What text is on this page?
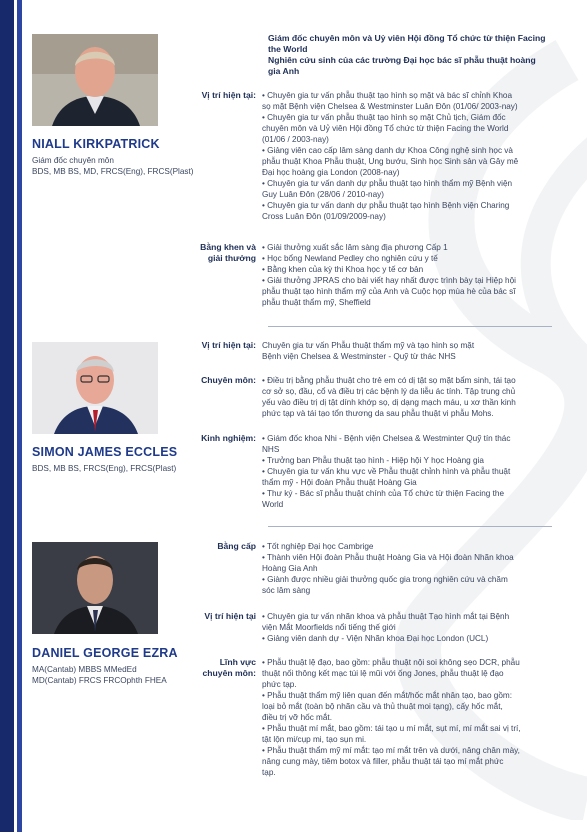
NIALL KIRKPATRICK
Giám đốc chuyên môn
BDS, MB BS, MD, FRCS(Eng), FRCS(Plast)
Giám đốc chuyên môn và Uỷ viên Hội đồng Tổ chức từ thiện Facing
the World
Nghiên cứu sinh của các trường Đại học bác sĩ phẫu thuật hoàng
gia Anh
Vị trí hiện tại: • Chuyên gia tư vấn phẫu thuật tạo hình sọ mặt và bác sĩ chỉnh Khoa
sọ mặt Bệnh viện Chelsea & Westminster Luân Đôn (01/06/ 2003-nay)
• Chuyên gia tư vấn phẫu thuật tạo hình sọ mặt Chủ tịch, Giám đốc
chuyên môn và Uỷ viên Hội đồng Tổ chức từ thiện Facing the World
(01/06 / 2003-nay)
• Giảng viên cao cấp lâm sàng danh dự Khoa Công nghệ sinh học và
phẫu thuật Khoa Phẫu thuật, Ung bướu, Sinh học Sinh sản và Gây mê
Đại học hoàng gia London (2008-nay)
• Chuyên gia tư vấn danh dự phẫu thuật tạo hình thẩm mỹ Bệnh viện
Guy Luân Đôn (28/06 / 2010-nay)
• Chuyên gia tư vấn danh dự phẫu thuật tạo hình Bệnh viện Charing
Cross Luân Đôn (01/09/2009-nay)
Bằng khen và giải thưởng
• Giải thưởng xuất sắc lâm sàng địa phương Cấp 1
• Học bổng Newland Pedley cho nghiên cứu y tế
• Bằng khen của kỳ thi Khoa học y tế cơ bản
• Giải thưởng JPRAS cho bài viết hay nhất được trình bày tại Hiệp hội
phẫu thuật tạo hình thẩm mỹ của Anh và Cuộc họp mùa hè của bác sĩ
phẫu thuật thẩm mỹ, Sheffield
SIMON JAMES ECCLES
BDS, MB BS, FRCS(Eng), FRCS(Plast)
Vị trí hiện tại: Chuyên gia tư vấn Phẫu thuật thẩm mỹ và tạo hình sọ mặt
Bệnh viện Chelsea & Westminster - Quỹ từ thác NHS
Chuyên môn: • Điều trị bằng phẫu thuật cho trẻ em có dị tật sọ mặt bẩm sinh, tái tạo
cơ sở sọ, đầu, cổ và điều trị các bệnh lý da liễu ác tính. Tập trung chủ
yếu vào điều trị dị tật dính khớp sọ, dị dạng mạch máu, u xơ thần kinh
phức tạp và tái tạo tổn thương da sau phẫu thuật vi phẫu Mohs.
Kinh nghiệm: • Giám đốc khoa Nhi - Bệnh viện Chelsea & Westminter Quỹ tín thác
NHS
• Trưởng ban Phẫu thuật tạo hình - Hiệp hội Y học Hoàng gia
• Chuyên gia tư vấn khu vực về Phẫu thuật chỉnh hình và phẫu thuật
thẩm mỹ - Hội đoàn Phẫu thuật Hoàng Gia
• Thư ký - Bác sĩ phẫu thuật chính của Tổ chức từ thiện Facing the
World
DANIEL GEORGE EZRA
MA(Cantab) MBBS MMedEd
MD(Cantab) FRCS FRCOphth FHEA
Bằng cấp • Tốt nghiệp Đại học Cambrige
• Thành viên Hội đoàn Phẫu thuật Hoàng Gia và Hội đoàn Nhãn khoa
Hoàng Gia Anh
• Giành được nhiều giải thưởng quốc gia trong nghiên cứu và chăm
sóc lâm sàng
Vị trí hiện tại • Chuyên gia tư vấn nhãn khoa và phẫu thuật Tạo hình mắt tại Bệnh
viện Mắt Moorfields nổi tiếng thế giới
• Giảng viên danh dự - Viện Nhãn khoa Đại học London (UCL)
Lĩnh vực chuyên môn:
• Phẫu thuật lệ đạo, bao gồm: phẫu thuật nội soi không sẹo DCR, phẫu
thuật nối thông kết mạc túi lệ mũi với ống Jones, phẫu thuật lệ đạo
phức tạp.
• Phẫu thuật thẩm mỹ liên quan đến mắt/hốc mắt nhân tạo, bao gồm:
loại bỏ mắt (toàn bộ nhãn cầu và thủ thuật moi tạng), cấy hốc mắt,
điều trị vỡ hốc mắt.
• Phẫu thuật mí mắt, bao gồm: tái tạo u mí mắt, sụt mí, mí mắt sai vị trí,
tật lộn mi/cụp mi, tạo sụn mi.
• Phẫu thuật thẩm mỹ mí mắt: tạo mí mắt trên và dưới, nâng chân mày,
nâng cung mày, tiêm botox và filler, phẫu thuật tái tạo mí mắt phức
tạp.
